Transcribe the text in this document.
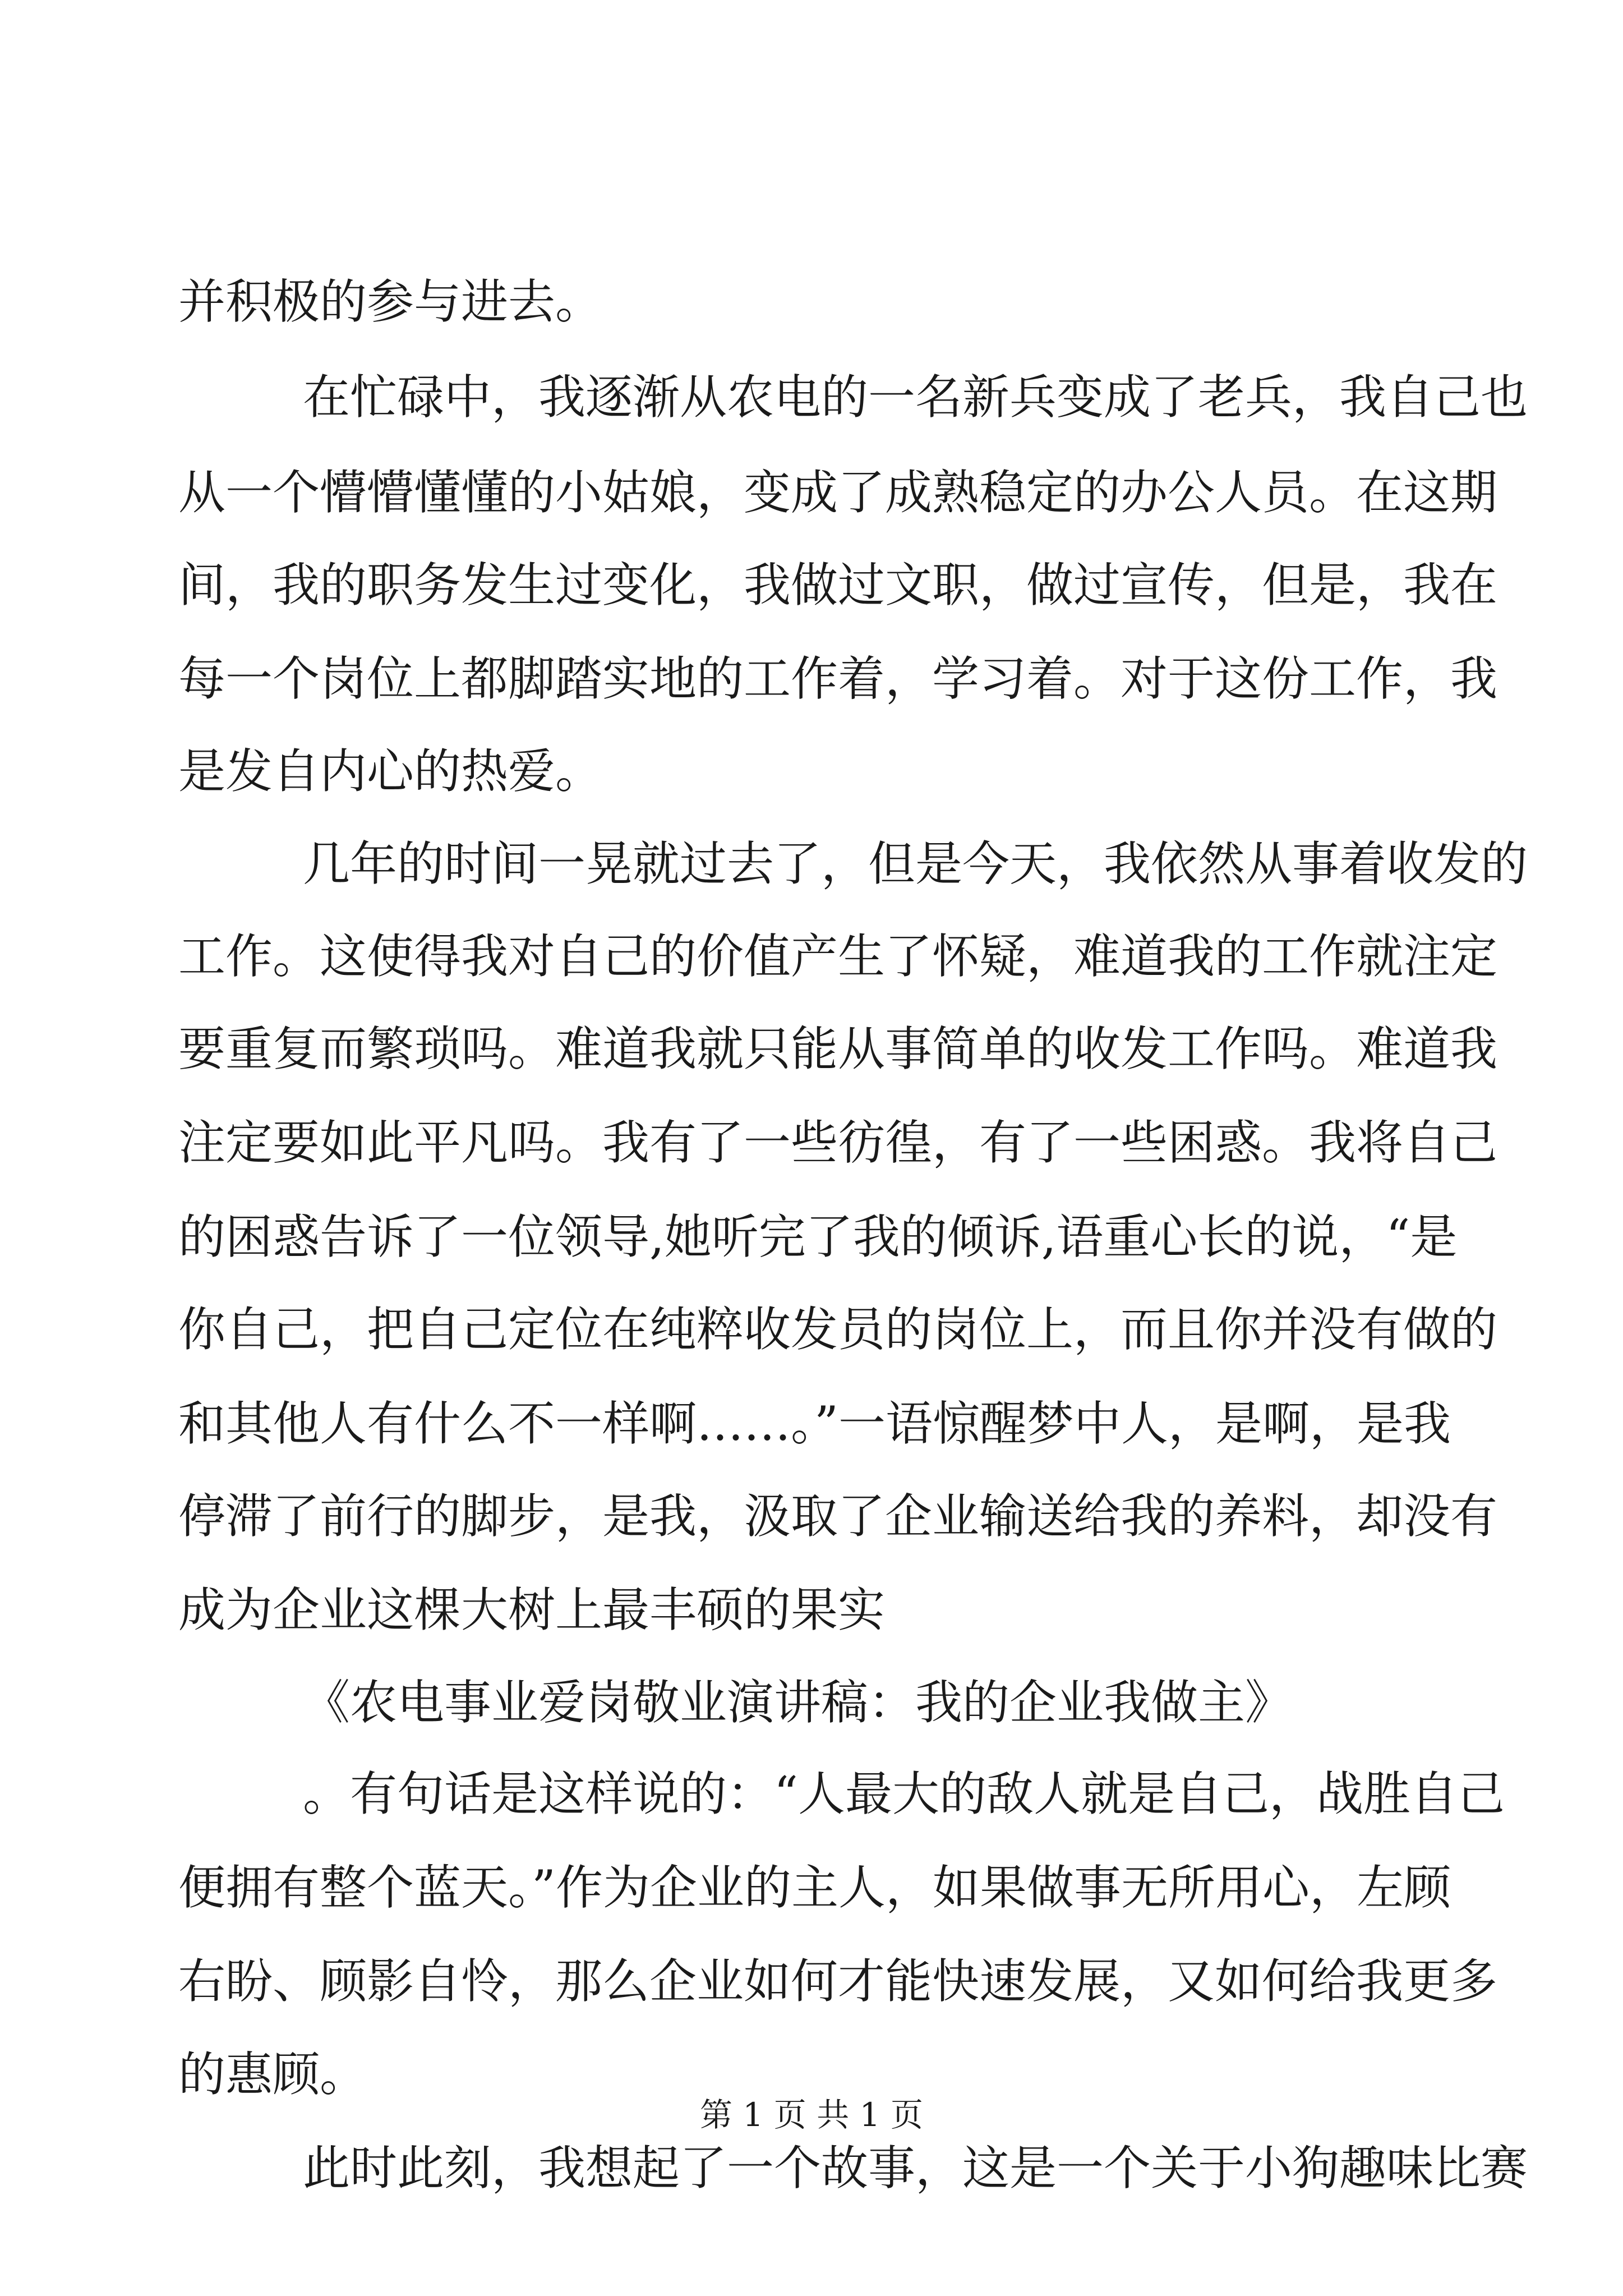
并积极的参与进去。
在忙碌中，我逐渐从农电的一名新兵变成了老兵，我自己也
从一个懵懵懂懂的小姑娘，变成了成熟稳定的办公人员。在这期
间，我的职务发生过变化，我做过文职，做过宣传，但是，我在
每一个岗位上都脚踏实地的工作着，学习着。对于这份工作，我
是发自内心的热爱。
几年的时间一晃就过去了，但是今天，我依然从事着收发的
工作。这使得我对自己的价值产生了怀疑，难道我的工作就注定
要重复而繁琐吗。难道我就只能从事简单的收发工作吗。难道我
注定要如此平凡吗。我有了一些彷徨，有了一些困惑。我将自己
的困惑告诉了一位领导,她听完了我的倾诉,语重心长的说，“是
你自己，把自己定位在纯粹收发员的岗位上，而且你并没有做的
和其他人有什么不一样啊……。”一语惊醒梦中人，是啊，是我
停滞了前行的脚步，是我，汲取了企业输送给我的养料，却没有
成为企业这棵大树上最丰硕的果实
《农电事业爱岗敬业演讲稿：我的企业我做主》
。有句话是这样说的：“人最大的敌人就是自己，战胜自己
便拥有整个蓝天。”作为企业的主人，如果做事无所用心，左顾
右盼、顾影自怜，那么企业如何才能快速发展，又如何给我更多
的惠顾。
此时此刻，我想起了一个故事，这是一个关于小狗趣味比赛
第 1 页 共 1 页
